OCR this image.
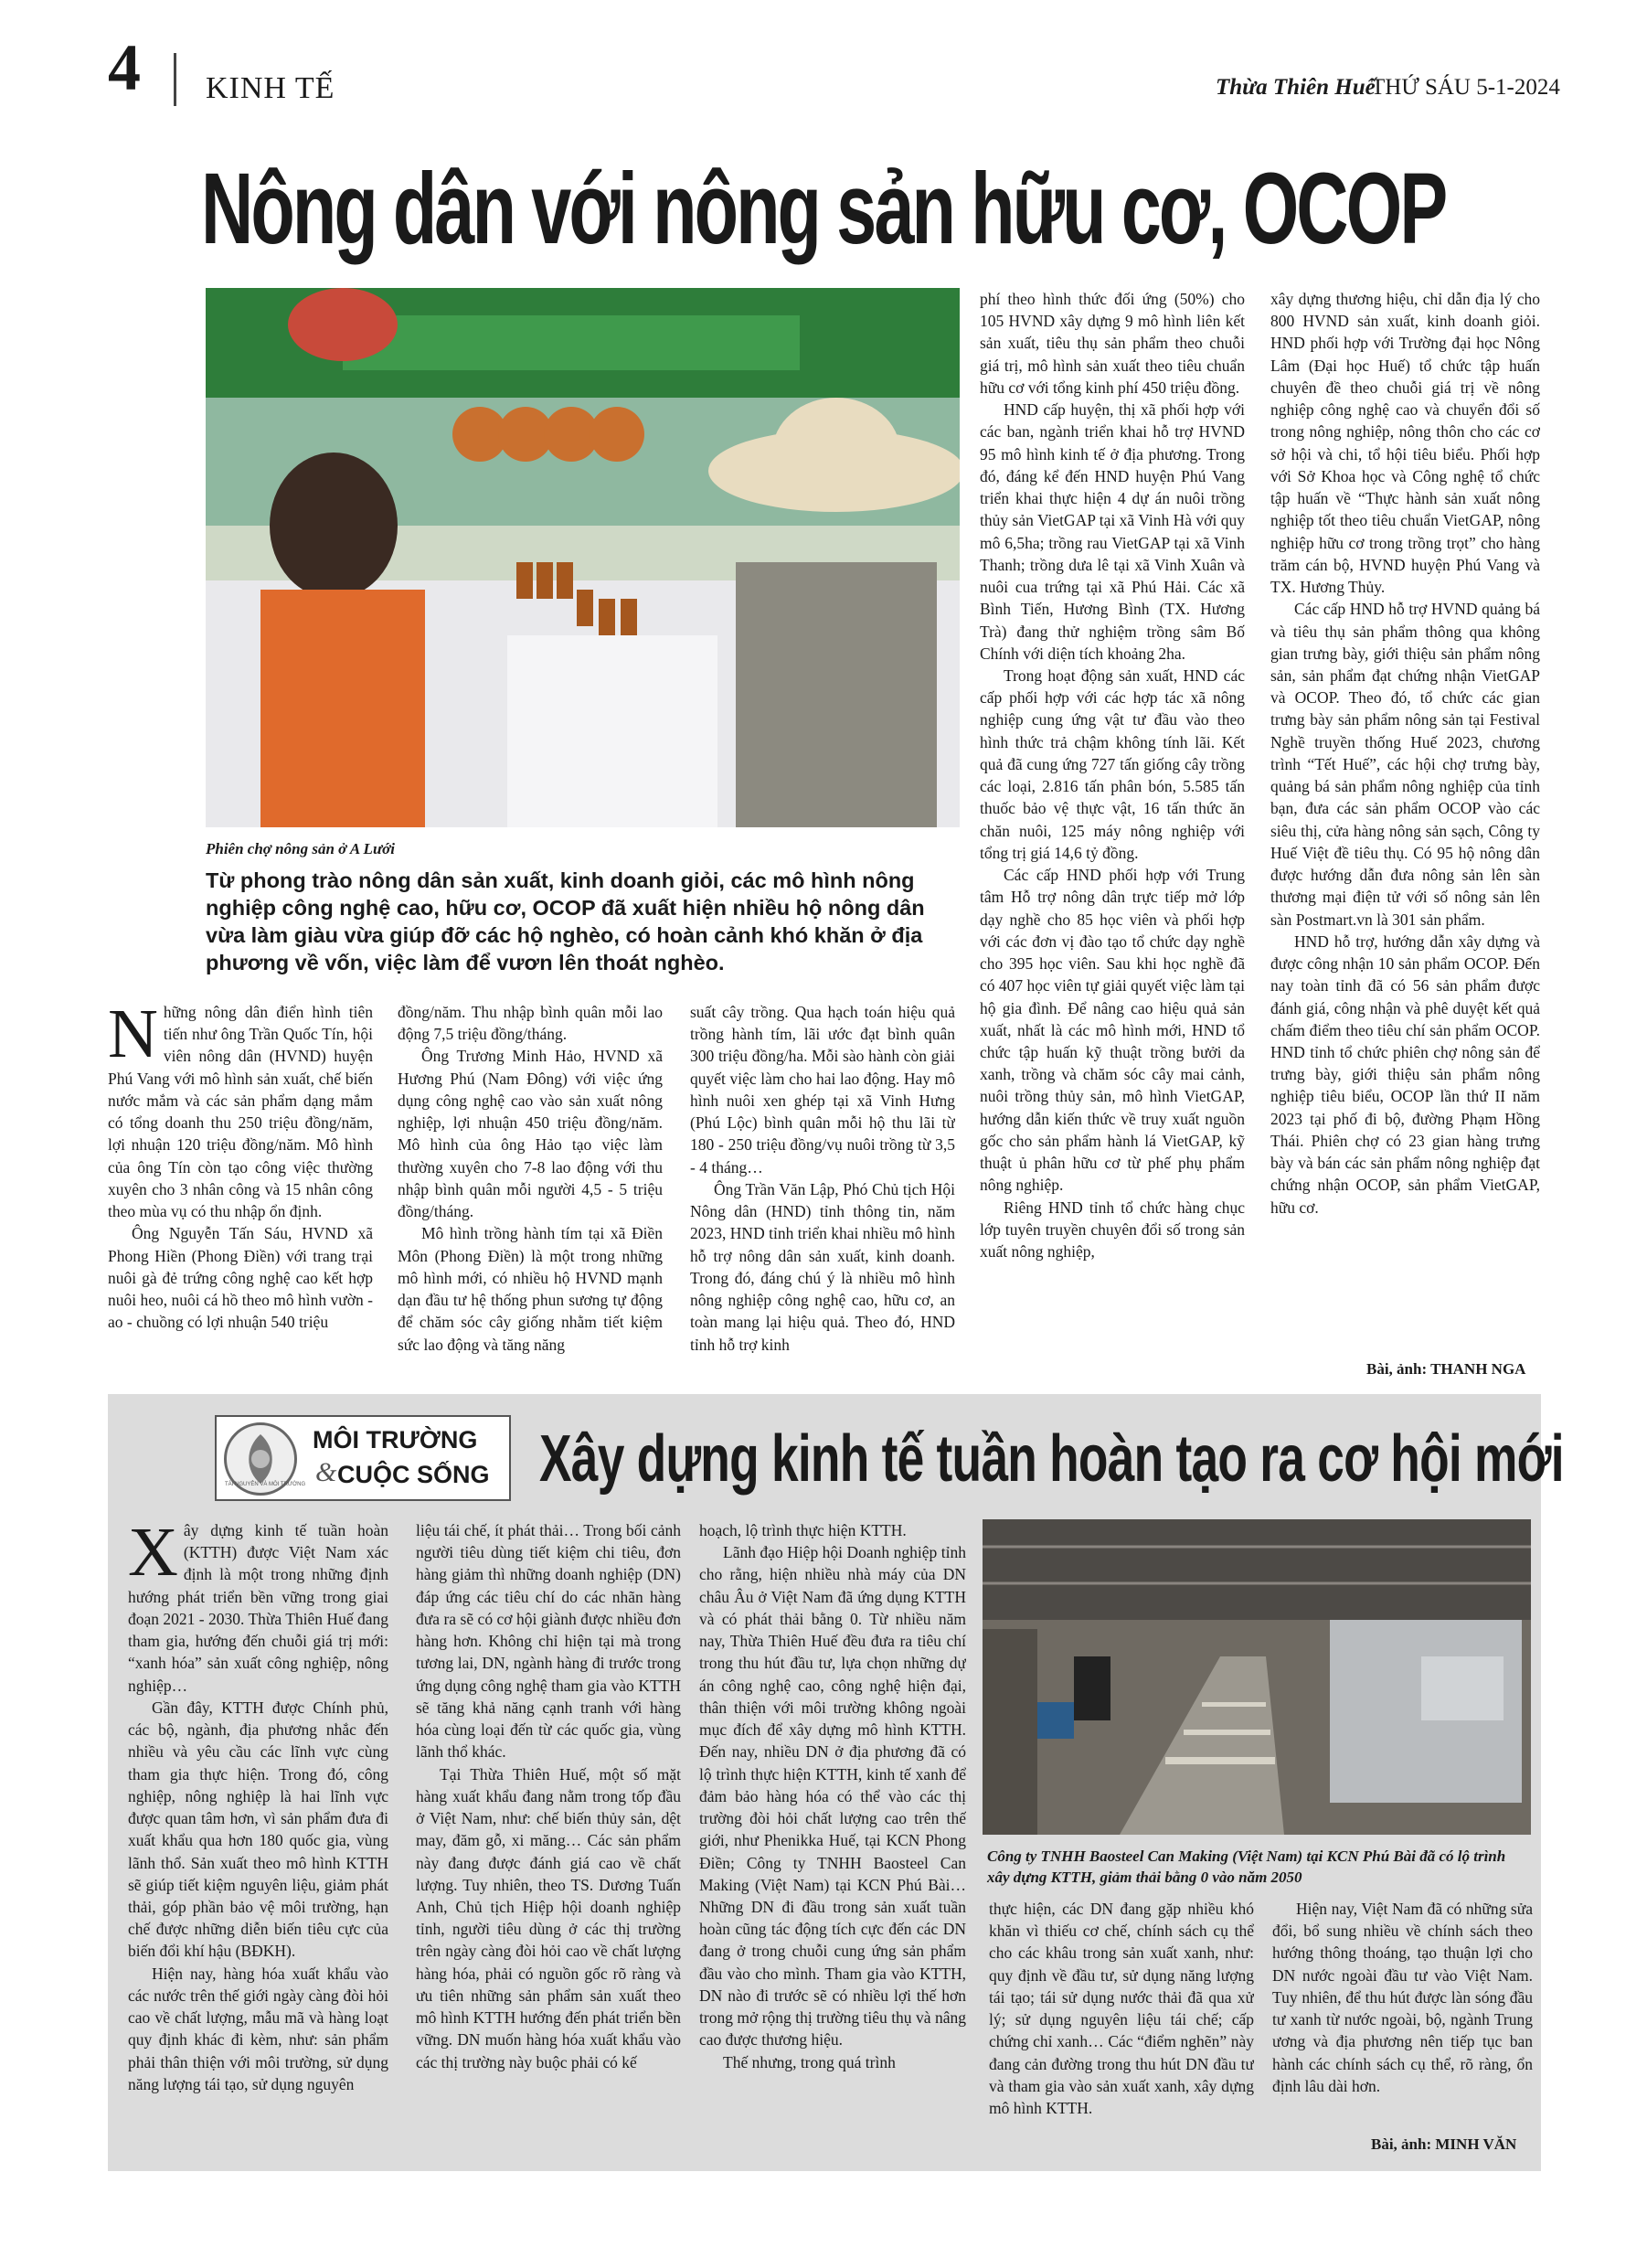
4 KINH TẾ	Thừa Thiên Huế
THỨ SÁU 5-1-2024
Nông dân với nông sản hữu cơ, OCOP
Phiên chợ nông sản ở A Lưới
Từ phong trào nông dân sản xuất, kinh doanh giỏi, các mô hình nông nghiệp công nghệ cao, hữu cơ, OCOP đã xuất hiện nhiều hộ nông dân vừa làm giàu vừa giúp đỡ các hộ nghèo, có hoàn cảnh khó khăn ở địa phương về vốn, việc làm để vươn lên thoát nghèo.

Những nông dân điển hình tiên tiến như ông Trần Quốc Tín, hội viên nông dân (HVND) huyện Phú Vang với mô hình sản xuất, chế biến nước mắm và các sản phẩm dạng mắm có tổng doanh thu 250 triệu đồng/năm, lợi nhuận 120 triệu đồng/năm. Mô hình của ông Tín còn tạo công việc thường xuyên cho 3 nhân công và 15 nhân công theo mùa vụ có thu nhập ổn định.

Ông Nguyễn Tấn Sáu, HVND xã Phong Hiền (Phong Điền) với trang trại nuôi gà đẻ trứng công nghệ cao kết hợp nuôi heo, nuôi cá hồ theo mô hình vườn - ao - chuồng có lợi nhuận 540 triệu

đồng/năm. Thu nhập bình quân mỗi lao động 7,5 triệu đồng/tháng.

Ông Trương Minh Hảo, HVND xã Hương Phú (Nam Đông) với việc ứng dụng công nghệ cao vào sản xuất nông nghiệp, lợi nhuận 450 triệu đồng/năm. Mô hình của ông Hảo tạo việc làm thường xuyên cho 7-8 lao động với thu nhập bình quân mỗi người 4,5 - 5 triệu đồng/tháng.

Mô hình trồng hành tím tại xã Điền Môn (Phong Điền) là một trong những mô hình mới, có nhiều hộ HVND mạnh dạn đầu tư hệ thống phun sương tự động để chăm sóc cây giống nhằm tiết kiệm sức lao động và tăng năng

suất cây trồng. Qua hạch toán hiệu quả trồng hành tím, lãi ước đạt bình quân 300 triệu đồng/ha. Mỗi sào hành còn giải quyết việc làm cho hai lao động. Hay mô hình nuôi xen ghép tại xã Vinh Hưng (Phú Lộc) bình quân mỗi hộ thu lãi từ 180 - 250 triệu đồng/vụ nuôi trồng từ 3,5 - 4 tháng…

Ông Trần Văn Lập, Phó Chủ tịch Hội Nông dân (HND) tỉnh thông tin, năm 2023, HND tỉnh triển khai nhiều mô hình hỗ trợ nông dân sản xuất, kinh doanh. Trong đó, đáng chú ý là nhiều mô hình nông nghiệp công nghệ cao, hữu cơ, an toàn mang lại hiệu quả. Theo đó, HND tỉnh hỗ trợ kinh

phí theo hình thức đối ứng (50%) cho 105 HVND xây dựng 9 mô hình liên kết sản xuất, tiêu thụ sản phẩm theo chuỗi giá trị, mô hình sản xuất theo tiêu chuẩn hữu cơ với tổng kinh phí 450 triệu đồng.

HND cấp huyện, thị xã phối hợp với các ban, ngành triển khai hỗ trợ HVND 95 mô hình kinh tế ở địa phương. Trong đó, đáng kể đến HND huyện Phú Vang triển khai thực hiện 4 dự án nuôi trồng thủy sản VietGAP tại xã Vinh Hà với quy mô 6,5ha; trồng rau VietGAP tại xã Vinh Thanh; trồng dưa lê tại xã Vinh Xuân và nuôi cua trứng tại xã Phú Hải. Các xã Bình Tiến, Hương Bình (TX. Hương Trà) đang thử nghiệm trồng sâm Bố Chính với diện tích khoảng 2ha.

Trong hoạt động sản xuất, HND các cấp phối hợp với các hợp tác xã nông nghiệp cung ứng vật tư đầu vào theo hình thức trả chậm không tính lãi. Kết quả đã cung ứng 727 tấn giống cây trồng các loại, 2.816 tấn phân bón, 5.585 tấn thuốc bảo vệ thực vật, 16 tấn thức ăn chăn nuôi, 125 máy nông nghiệp với tổng trị giá 14,6 tỷ đồng.

Các cấp HND phối hợp với Trung tâm Hỗ trợ nông dân trực tiếp mở lớp dạy nghề cho 85 học viên và phối hợp với các đơn vị đào tạo tổ chức dạy nghề cho 395 học viên. Sau khi học nghề đã có 407 học viên tự giải quyết việc làm tại hộ gia đình. Để nâng cao hiệu quả sản xuất, nhất là các mô hình mới, HND tổ chức tập huấn kỹ thuật trồng bưởi da xanh, trồng và chăm sóc cây mai cảnh, nuôi trồng thủy sản, mô hình VietGAP, hướng dẫn kiến thức về truy xuất nguồn gốc cho sản phẩm hành lá VietGAP, kỹ thuật ủ phân hữu cơ từ phế phụ phẩm nông nghiệp.

Riêng HND tỉnh tổ chức hàng chục lớp tuyên truyền chuyên đổi số trong sản xuất nông nghiệp,

xây dựng thương hiệu, chỉ dẫn địa lý cho 800 HVND sản xuất, kinh doanh giỏi. HND phối hợp với Trường đại học Nông Lâm (Đại học Huế) tổ chức tập huấn chuyên đề theo chuỗi giá trị về nông nghiệp công nghệ cao và chuyển đổi số trong nông nghiệp, nông thôn cho các cơ sở hội và chi, tổ hội tiêu biểu. Phối hợp với Sở Khoa học và Công nghệ tổ chức tập huấn về “Thực hành sản xuất nông nghiệp tốt theo tiêu chuẩn VietGAP, nông nghiệp hữu cơ trong trồng trọt” cho hàng trăm cán bộ, HVND huyện Phú Vang và TX. Hương Thủy.

Các cấp HND hỗ trợ HVND quảng bá và tiêu thụ sản phẩm thông qua không gian trưng bày, giới thiệu sản phẩm nông sản, sản phẩm đạt chứng nhận VietGAP và OCOP. Theo đó, tổ chức các gian trưng bày sản phẩm nông sản tại Festival Nghề truyền thống Huế 2023, chương trình “Tết Huế”, các hội chợ trưng bày, quảng bá sản phẩm nông nghiệp của tỉnh bạn, đưa các sản phẩm OCOP vào các siêu thị, cửa hàng nông sản sạch, Công ty Huế Việt đề tiêu thụ. Có 95 hộ nông dân được hướng dẫn đưa nông sản lên sàn thương mại điện tử với số nông sản lên sàn Postmart.vn là 301 sản phẩm.

HND hỗ trợ, hướng dẫn xây dựng và được công nhận 10 sản phẩm OCOP. Đến nay toàn tỉnh đã có 56 sản phẩm được đánh giá, công nhận và phê duyệt kết quả chấm điểm theo tiêu chí sản phẩm OCOP. HND tỉnh tổ chức phiên chợ nông sản để trưng bày, giới thiệu sản phẩm nông nghiệp tiêu biểu, OCOP lần thứ II năm 2023 tại phố đi bộ, đường Phạm Hồng Thái. Phiên chợ có 23 gian hàng trưng bày và bán các sản phẩm nông nghiệp đạt chứng nhận OCOP, sản phẩm VietGAP, hữu cơ.

Bài, ảnh: THANH NGA
TÀI NGUYÊN VÀ MÔI TRƯỜNG
MÔI TRƯỜNG
& CUỘC SỐNG Xây dựng kinh tế tuần hoàn tạo ra cơ hội mới

Xây dựng kinh tế tuần hoàn (KTTH) được Việt Nam xác định là một trong những định hướng phát triển bền vững trong giai đoạn 2021 - 2030. Thừa Thiên Huế đang tham gia, hướng đến chuỗi giá trị mới: “xanh hóa” sản xuất công nghiệp, nông nghiệp…

Gần đây, KTTH được Chính phủ, các bộ, ngành, địa phương nhắc đến nhiều và yêu cầu các lĩnh vực cùng tham gia thực hiện. Trong đó, công nghiệp, nông nghiệp là hai lĩnh vực được quan tâm hơn, vì sản phẩm đưa đi xuất khẩu qua hơn 180 quốc gia, vùng lãnh thổ. Sản xuất theo mô hình KTTH sẽ giúp tiết kiệm nguyên liệu, giảm phát thải, góp phần bảo vệ môi trường, hạn chế được những diễn biến tiêu cực của biến đổi khí hậu (BĐKH).

Hiện nay, hàng hóa xuất khẩu vào các nước trên thế giới ngày càng đòi hỏi cao về chất lượng, mẫu mã và hàng loạt quy định khác đi kèm, như: sản phẩm phải thân thiện với môi trường, sử dụng năng lượng tái tạo, sử dụng nguyên

liệu tái chế, ít phát thải… Trong bối cảnh người tiêu dùng tiết kiệm chi tiêu, đơn hàng giảm thì những doanh nghiệp (DN) đáp ứng các tiêu chí do các nhãn hàng đưa ra sẽ có cơ hội giành được nhiều đơn hàng hơn. Không chỉ hiện tại mà trong tương lai, DN, ngành hàng đi trước trong ứng dụng công nghệ tham gia vào KTTH sẽ tăng khả năng cạnh tranh với hàng hóa cùng loại đến từ các quốc gia, vùng lãnh thổ khác.

Tại Thừa Thiên Huế, một số mặt hàng xuất khẩu đang nằm trong tốp đầu ở Việt Nam, như: chế biến thủy sản, dệt may, đăm gỗ, xi măng… Các sản phẩm này đang được đánh giá cao về chất lượng. Tuy nhiên, theo TS. Dương Tuấn Anh, Chủ tịch Hiệp hội doanh nghiệp tỉnh, người tiêu dùng ở các thị trường trên ngày càng đòi hỏi cao về chất lượng hàng hóa, phải có nguồn gốc rõ ràng và ưu tiên những sản phẩm sản xuất theo mô hình KTTH hướng đến phát triển bền vững. DN muốn hàng hóa xuất khẩu vào các thị trường này buộc phải có kế

hoạch, lộ trình thực hiện KTTH.

Lãnh đạo Hiệp hội Doanh nghiệp tỉnh cho rằng, hiện nhiều nhà máy của DN châu Âu ở Việt Nam đã ứng dụng KTTH và có phát thải bằng 0. Từ nhiều năm nay, Thừa Thiên Huế đều đưa ra tiêu chí trong thu hút đầu tư, lựa chọn những dự án công nghệ cao, công nghệ hiện đại, thân thiện với môi trường không ngoài mục đích để xây dựng mô hình KTTH. Đến nay, nhiều DN ở địa phương đã có lộ trình thực hiện KTTH, kinh tế xanh để đảm bảo hàng hóa có thể vào các thị trường đòi hỏi chất lượng cao trên thế giới, như Phenikka Huế, tại KCN Phong Điền; Công ty TNHH Baosteel Can Making (Việt Nam) tại KCN Phú Bài… Những DN đi đầu trong sản xuất tuần hoàn cũng tác động tích cực đến các DN đang ở trong chuỗi cung ứng sản phẩm đầu vào cho mình. Tham gia vào KTTH, DN nào đi trước sẽ có nhiều lợi thế hơn trong mở rộng thị trường tiêu thụ và nâng cao được thương hiệu.

Thế nhưng, trong quá trình

Công ty TNHH Baosteel Can Making (Việt Nam) tại KCN Phú Bài đã có lộ trình xây dựng KTTH, giảm thải bằng 0 vào năm 2050

thực hiện, các DN đang gặp nhiều khó khăn vì thiếu cơ chế, chính sách cụ thể cho các khâu trong sản xuất xanh, như: quy định về đầu tư, sử dụng năng lượng tái tạo; tái sử dụng nước thải đã qua xử lý; sử dụng nguyên liệu tái chế; cấp chứng chỉ xanh… Các “điểm nghẽn” này đang cản đường trong thu hút DN đầu tư và tham gia vào sản xuất xanh, xây dựng mô hình KTTH.

Hiện nay, Việt Nam đã có những sửa đổi, bổ sung nhiều về chính sách theo hướng thông thoáng, tạo thuận lợi cho DN nước ngoài đầu tư vào Việt Nam. Tuy nhiên, để thu hút được làn sóng đầu tư xanh từ nước ngoài, bộ, ngành Trung ương và địa phương nên tiếp tục ban hành các chính sách cụ thể, rõ ràng, ổn định lâu dài hơn.

Bài, ảnh: MINH VĂN
